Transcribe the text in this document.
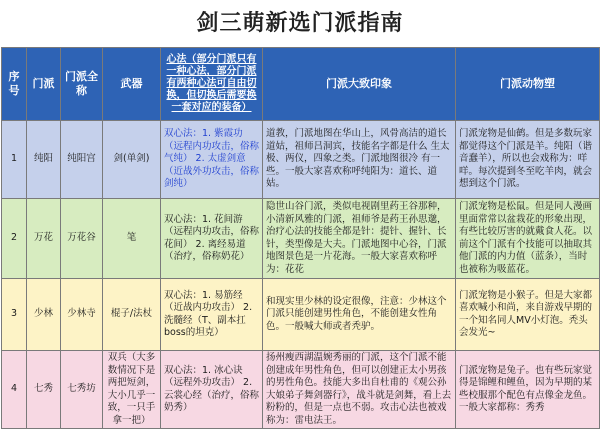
剑三萌新选门派指南
序号	门派	门派全称	武器	心法（部分门派只有一种心法，部分门派有两种心法可自由切换，但切换后需要换一套对应的装备）	门派大致印象	门派动物塑
1	纯阳	纯阳宫	剑(单剑)	双心法：1. 紫霞功（远程内功攻击，俗称气纯） 2. 太虚剑意（近战外功攻击，俗称剑纯）	道教，门派地图在华山上，风骨高洁的道长道姑，祖师吕洞宾，技能名字都是什么 生太极、两仪，四象之类。门派地图很冷 有一些。一般大家喜欢称呼纯阳为：道长、道姑。	门派宠物是仙鹤。但是多数玩家都觉得这个门派是羊。纯阳（谐音蠢羊），所以也会戏称为：咩咩。每次提到冬至吃羊肉，就会想到这个门派。
2	万花	万花谷	笔	双心法：1. 花间游（远程内功攻击，俗称花间） 2. 离经易道（治疗，俗称奶花）	隐世山谷门派，类似电视剧里药王谷那种，小清新风雅的门派，祖师爷是药王孙思邈，治疗心法的技能全都是针：提针、握针、长针，类型像是大夫。门派地图中心谷，门派地图景色是一片花海。一般大家喜欢称呼为：花花	门派宠物是松鼠。但是同人漫画里面常常以盆栽花的形象出现，有些比较厉害的就戴食人花。以前这个门派有个技能可以抽取其他门派的内力值（蓝条），当时也被称为吸蓝花。
3	少林	少林寺	棍子/法杖	双心法：1. 易筋经（近战内功攻击） 2. 洗髓经（T、副本扛boss的坦克）	和现实里少林的设定很像，注意：少林这个门派只能创建男性角色，不能创建女性角色。一般喊大师或者秃驴。	门派宠物是小猴子。但是大家都喜欢喊小和尚，来自游戏早期的一个知名同人MV小灯泡。秃头会发光~
4	七秀	七秀坊	双兵（大多数情况下是两把短剑，大小几乎一致，一只手拿一把）	双心法：1. 冰心诀（远程外功攻击） 2. 云裳心经（治疗，俗称奶秀）	扬州瘦西湖温婉秀丽的门派，这个门派不能创建成年男性角色，但可以创建正太小男孩的男性角色。技能大多出自杜甫的《观公孙大娘弟子舞剑器行》，战斗就是剑舞，看上去粉粉的，但是一点也不弱。攻击心法也被戏称为：雷电法王。	门派宠物是兔子。也有些玩家觉得是锦鲤和鲤鱼，因为早期的某些校服那个配色有点像金龙鱼。一般大家都称：秀秀
